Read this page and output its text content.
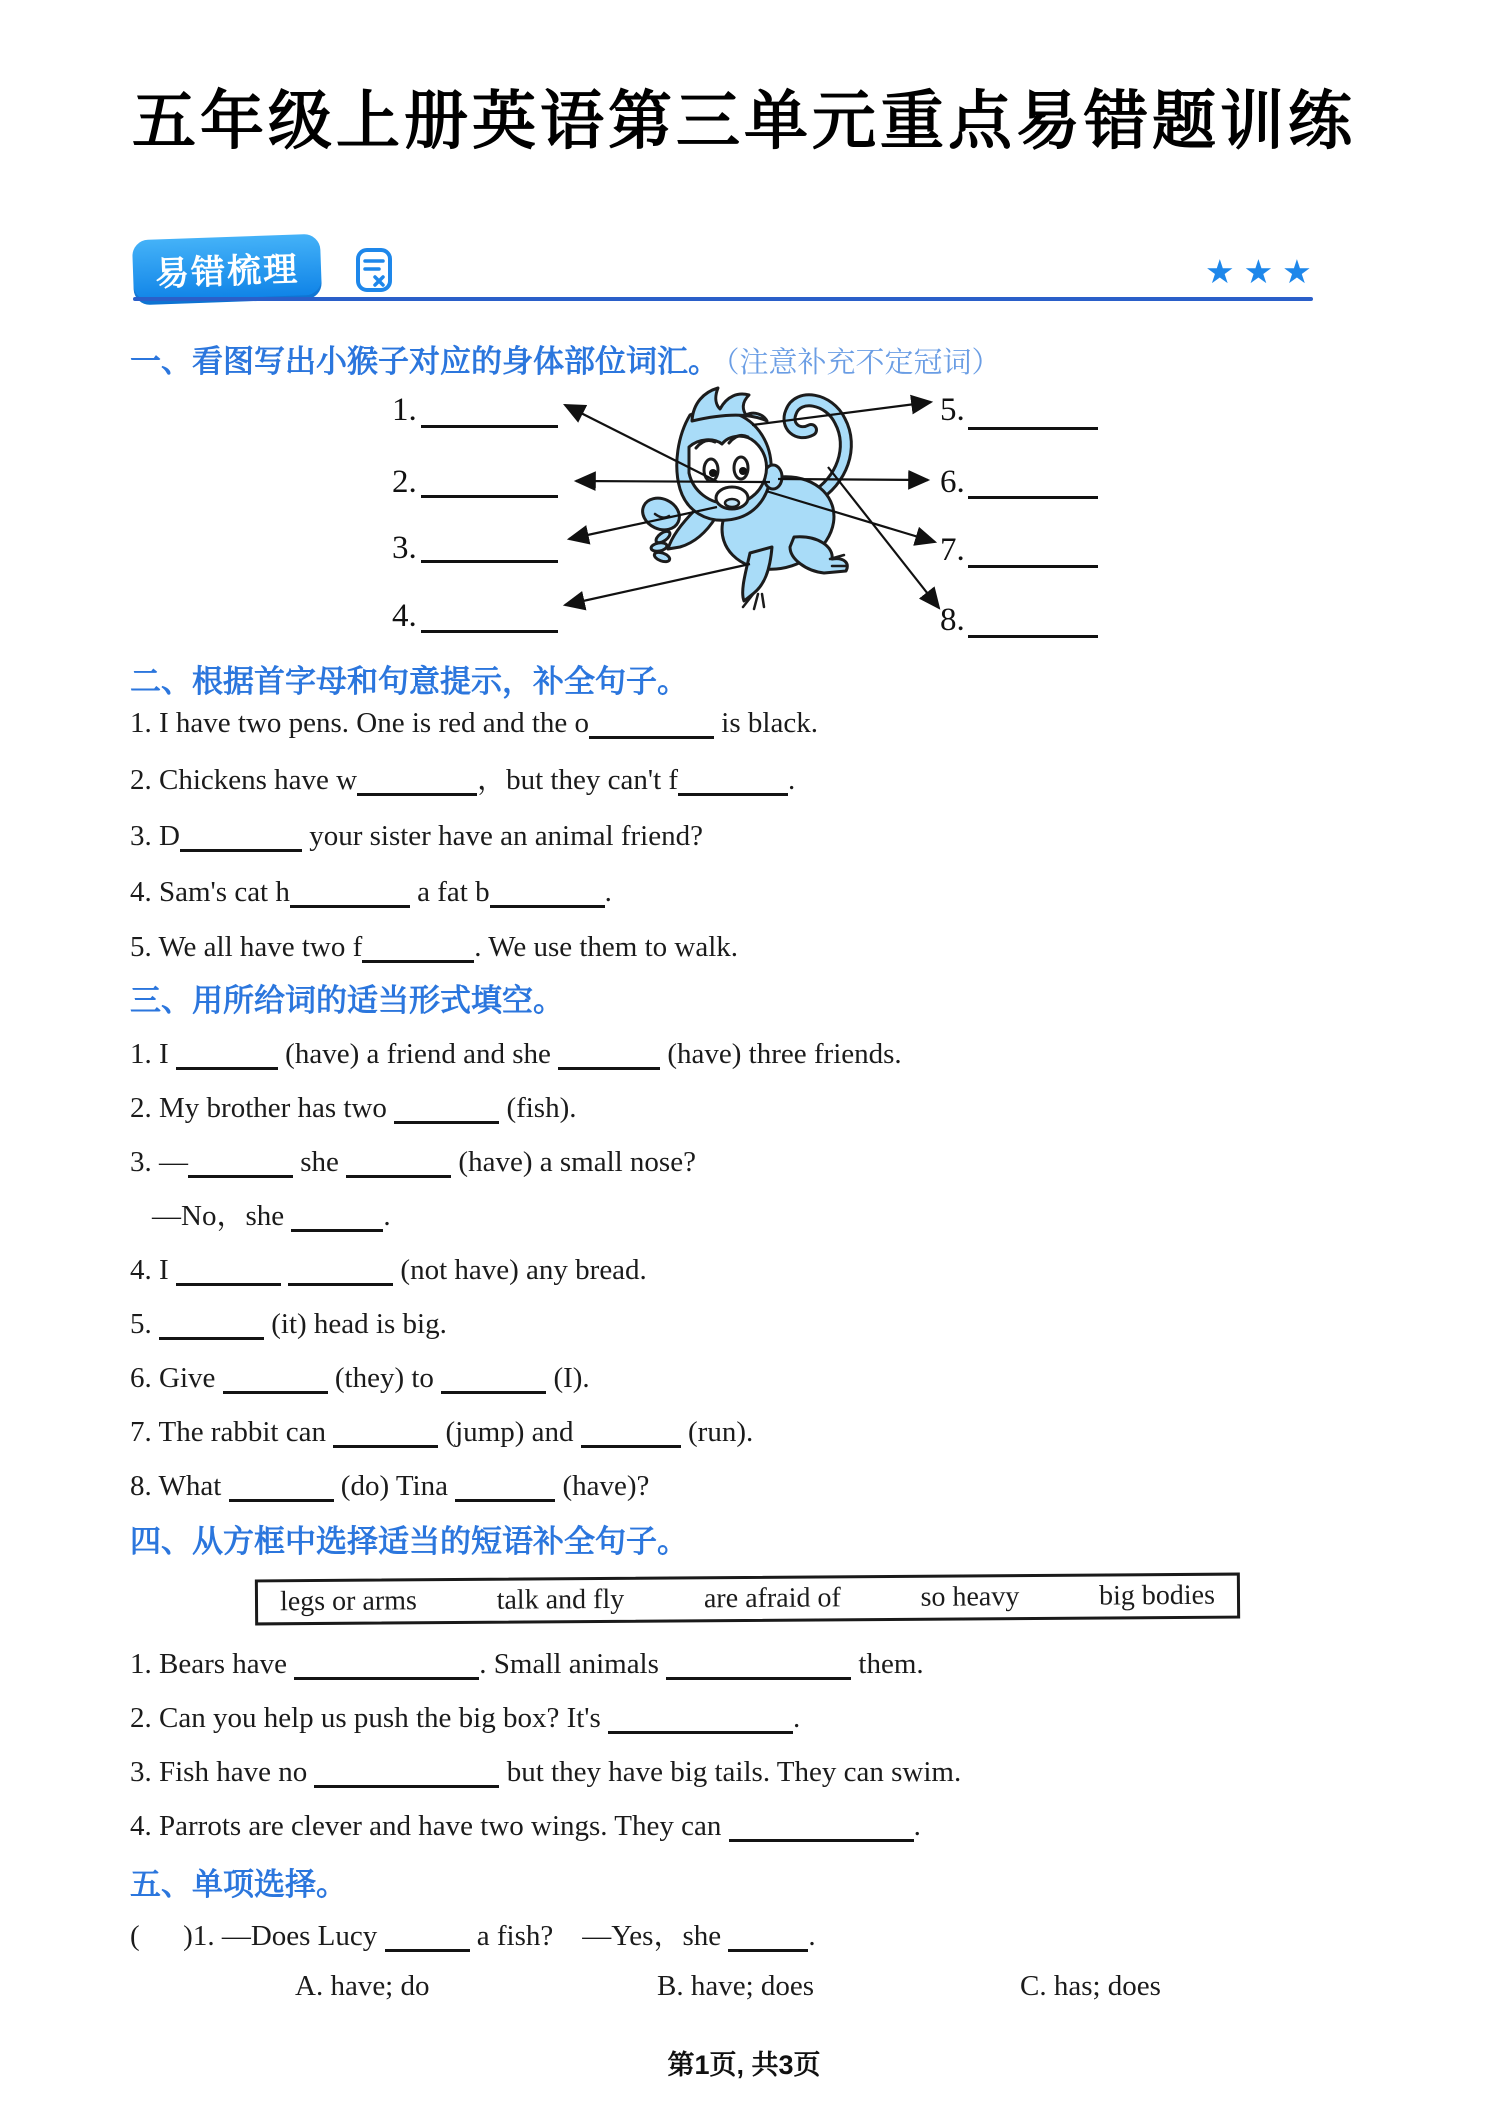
五年级上册英语第三单元重点易错题训练
易错梳理	★★★
一、看图写出小猴子对应的身体部位词汇。 （注意补充不定冠词）
1.
2.
3.
4.
5.
6.
7.
8.
二、根据首字母和句意提示，补全句子。
1. I have two pens. One is red and the o	is black.
2. Chickens have w	，but they can't f	.
3. D	your sister have an animal friend?
4. Sam's cat h	a fat b	.
5. We all have two f	. We use them to walk.
三、用所给词的适当形式填空。
1. I	(have) a friend and she	(have) three friends.
2. My brother has two	(fish).
3. —	she	(have) a small nose?
—No，she	.
4. I	(not have) any bread.
5.	(it) head is big.
6. Give	(they) to	(I).
7. The rabbit can	(jump) and	(run).
8. What	(do) Tina	(have)?
四、从方框中选择适当的短语补全句子。
legs or arms	talk and fly	are afraid of	so heavy	big bodies
1. Bears have	. Small animals	them.
2. Can you help us push the big box? It's	.
3. Fish have no	but they have big tails. They can swim.
4. Parrots are clever and have two wings. They can	.
五、单项选择。
(      )1. —Does Lucy	a fish?    —Yes，she	.
A. have; do	B. have; does	C. has; does
第1页, 共3页
